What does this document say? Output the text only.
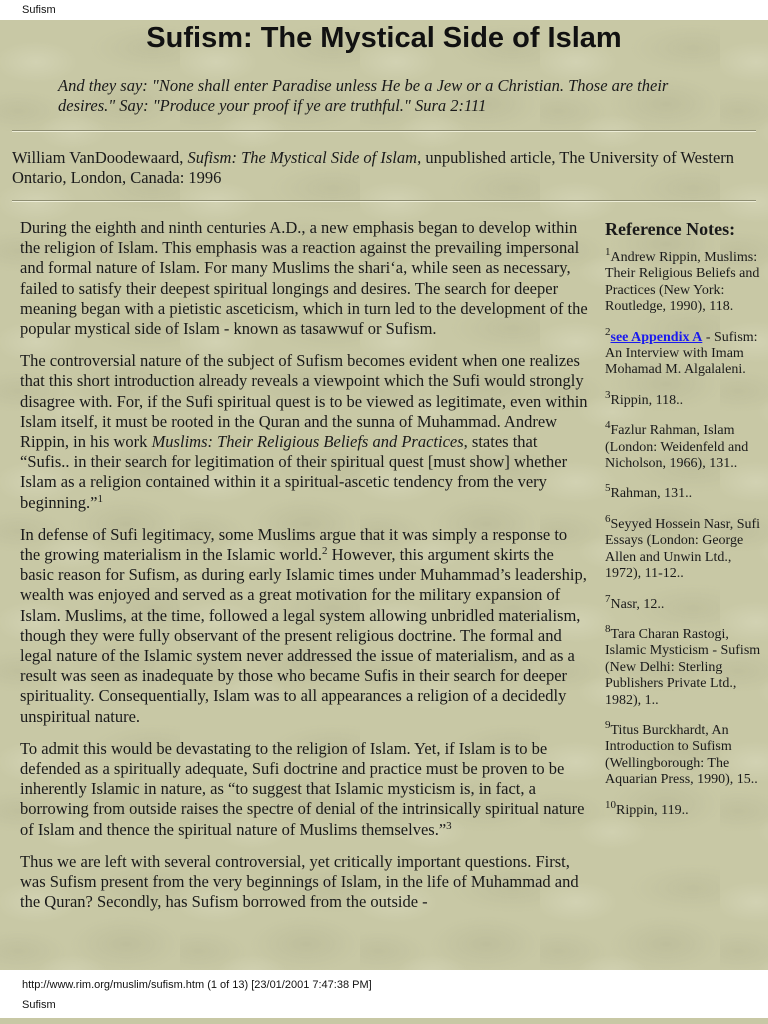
Sufism
Sufism: The Mystical Side of Islam
And they say: "None shall enter Paradise unless He be a Jew or a Christian. Those are their
desires." Say: "Produce your proof if ye are truthful." Sura 2:111
William VanDoodewaard, Sufism: The Mystical Side of Islam, unpublished article, The University of Western Ontario, London, Canada: 1996

During the eighth and ninth centuries A.D., a new emphasis began to develop within the religion of Islam. This emphasis was a reaction against the prevailing impersonal and formal nature of Islam. For many Muslims the shari‘a, while seen as necessary, failed to satisfy their deepest spiritual longings and desires. The search for deeper meaning began with a pietistic asceticism, which in turn led to the development of the popular mystical side of Islam - known as tasawwuf or Sufism.

The controversial nature of the subject of Sufism becomes evident when one realizes that this short introduction already reveals a viewpoint which the Sufi would strongly disagree with. For, if the Sufi spiritual quest is to be viewed as legitimate, even within Islam itself, it must be rooted in the Quran and the sunna of Muhammad. Andrew Rippin, in his work Muslims: Their Religious Beliefs and Practices, states that “Sufis.. in their search for legitimation of their spiritual quest [must show] whether Islam as a religion contained within it a spiritual-ascetic tendency from the very beginning.”$^1$

In defense of Sufi legitimacy, some Muslims argue that it was simply a response to the growing materialism in the Islamic world.$^2$ However, this argument skirts the basic reason for Sufism, as during early Islamic times under Muhammad’s leadership, wealth was enjoyed and served as a great motivation for the military expansion of Islam. Muslims, at the time, followed a legal system allowing unbridled materialism, though they were fully observant of the present religious doctrine. The formal and legal nature of the Islamic system never addressed the issue of materialism, and as a result was seen as inadequate by those who became Sufis in their search for deeper spirituality. Consequentially, Islam was to all appearances a religion of a decidedly unspiritual nature.

To admit this would be devastating to the religion of Islam. Yet, if Islam is to be defended as a spiritually adequate, Sufi doctrine and practice must be proven to be inherently Islamic in nature, as “to suggest that Islamic mysticism is, in fact, a borrowing from outside raises the spectre of denial of the intrinsically spiritual nature of Islam and thence the spiritual nature of Muslims themselves.”$^3$

Thus we are left with several controversial, yet critically important questions. First, was Sufism present from the very beginnings of Islam, in the life of Muhammad and the Quran? Secondly, has Sufism borrowed from the outside -

Reference Notes:
$^1$Andrew Rippin, Muslims: Their Religious Beliefs and Practices (New York: Routledge, 1990), 118.
$^2$see Appendix A - Sufism: An Interview with Imam Mohamad M. Algalaleni.
$^3$Rippin, 118..
$^4$Fazlur Rahman, Islam (London: Weidenfeld and Nicholson, 1966), 131..
$^5$Rahman, 131..
$^6$Seyyed Hossein Nasr, Sufi Essays (London: George Allen and Unwin Ltd., 1972), 11-12..
$^7$Nasr, 12..
$^8$Tara Charan Rastogi, Islamic Mysticism - Sufism (New Delhi: Sterling Publishers Private Ltd., 1982), 1..
$^9$Titus Burckhardt, An Introduction to Sufism (Wellingborough: The Aquarian Press, 1990), 15..
$^{10}$Rippin, 119..
http://www.rim.org/muslim/sufism.htm (1 of 13) [23/01/2001 7:47:38 PM]
Sufism
